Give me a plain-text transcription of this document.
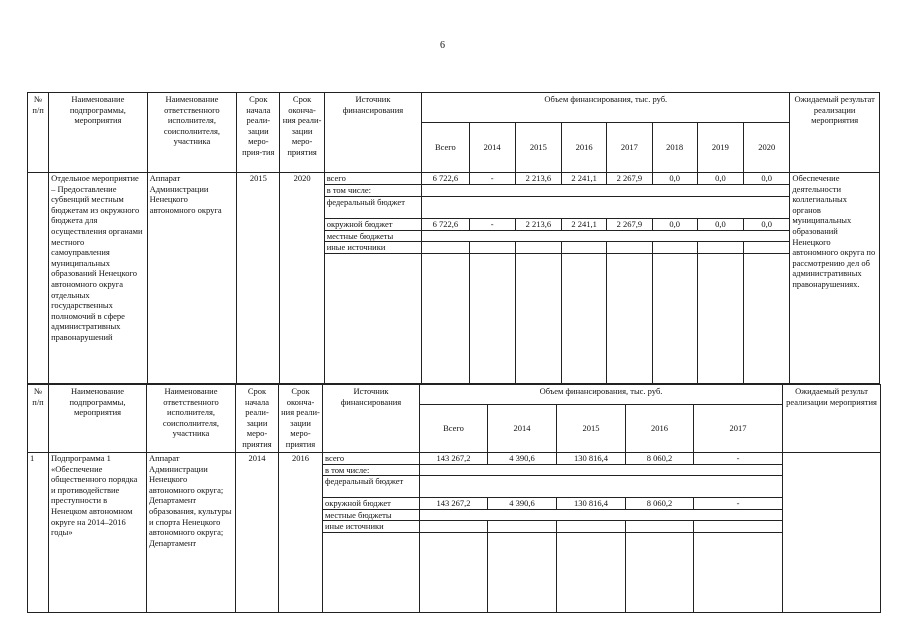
6
№ п/п	Наименование подпрограммы, мероприятия	Наименование ответственного исполнителя, соисполнителя, участника	Срок начала реали-зации меро-прия-тия	Срок оконча-ния реали-зации меро-приятия	Источник финансирования	Объем финансирования, тыс. руб.								Ожидаемый результат реализации мероприятия
						Всего	2014	2015	2016	2017	2018	2019	2020	
	Отдельное мероприятие – Предоставление субвенций местным бюджетам из окружного бюджета для осуществления органами местного самоуправления муниципальных образований Ненецкого автономного округа отдельных государственных полномочий в сфере административных правонарушений	Аппарат Администрации Ненецкого автономного округа	2015	2020	всего	6 722,6	-	2 213,6	2 241,1	2 267,9	0,0	0,0	0,0	Обеспечение деятельности коллегиальных органов муниципальных образований Ненецкого автономного округа по рассмотрению дел об административных правонарушениях.
					в том числе:									
					федеральный бюджет									
					окружной бюджет	6 722,6	-	2 213,6	2 241,1	2 267,9	0,0	0,0	0,0	
					местные бюджеты									
					иные источники									

№ п/п	Наименование подпрограммы, мероприятия	Наименование ответственного исполнителя, соисполнителя, участника	Срок начала реали-зации меро-приятия	Срок оконча-ния реали-зации меро-приятия	Источник финансирования	Объем финансирования, тыс. руб.					Ожидаемый результ реализации мероприятия
						Всего	2014	2015	2016	2017	
1	Подпрограмма 1 «Обеспечение общественного порядка и противодействие преступности в Ненецком автономном округе на 2014–2016 годы»	Аппарат Администрации Ненецкого автономного округа; Департамент образования, культуры и спорта Ненецкого автономного округа; Департамент	2014	2016	всего	143 267,2	4 390,6	130 816,4	8 060,2	-	
					в том числе:						
					федеральный бюджет						
					окружной бюджет	143 267,2	4 390,6	130 816,4	8 060,2	-	
					местные бюджеты						
					иные источники						
